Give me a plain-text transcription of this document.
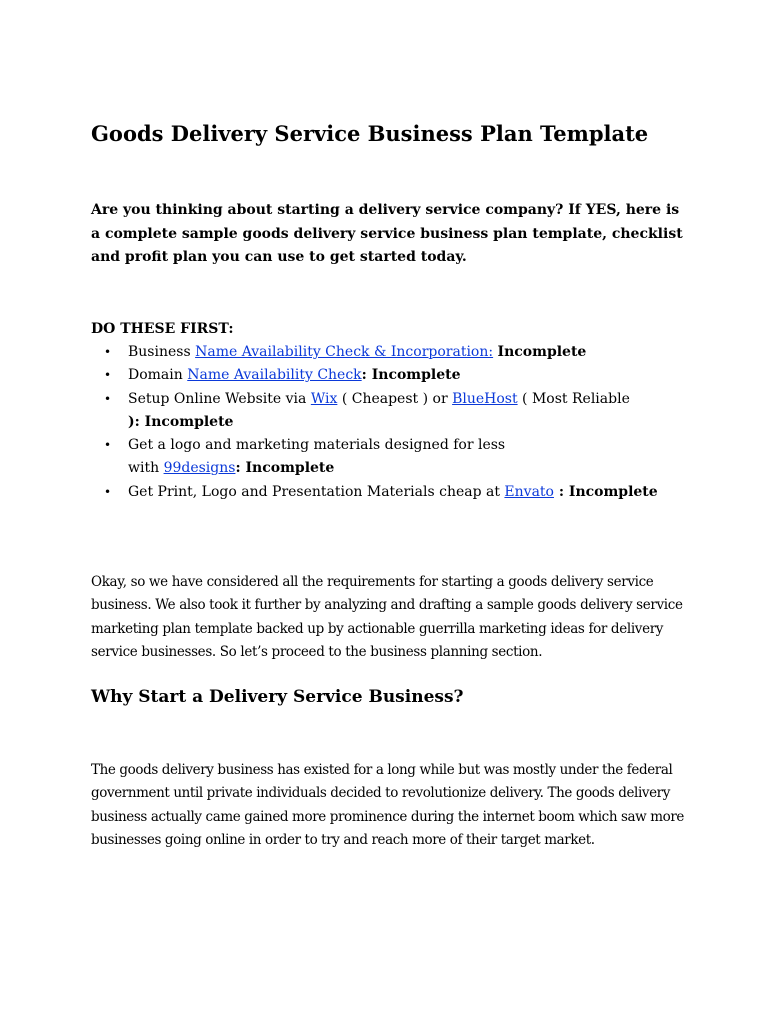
Goods Delivery Service Business Plan Template

Are you thinking about starting a delivery service company? If YES, here is a complete sample goods delivery service business plan template, checklist and profit plan you can use to get started today.

DO THESE FIRST:

• Business Name Availability Check & Incorporation: Incomplete
• Domain Name Availability Check: Incomplete
• Setup Online Website via Wix ( Cheapest ) or BlueHost ( Most Reliable
): Incomplete
• Get a logo and marketing materials designed for less
with 99designs: Incomplete
• Get Print, Logo and Presentation Materials cheap at Envato : Incomplete

Okay, so we have considered all the requirements for starting a goods delivery service business. We also took it further by analyzing and drafting a sample goods delivery service marketing plan template backed up by actionable guerrilla marketing ideas for delivery service businesses. So let’s proceed to the business planning section.

Why Start a Delivery Service Business?

The goods delivery business has existed for a long while but was mostly under the federal government until private individuals decided to revolutionize delivery. The goods delivery business actually came gained more prominence during the internet boom which saw more businesses going online in order to try and reach more of their target market.
